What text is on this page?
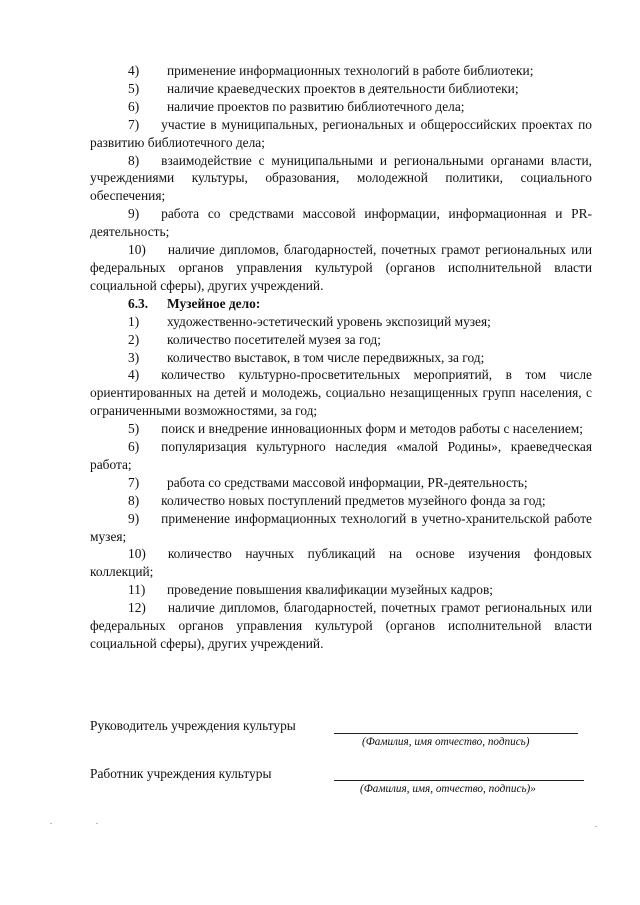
4)	применение информационных технологий в работе библиотеки;
5)	наличие краеведческих проектов в деятельности библиотеки;
6)	наличие проектов по развитию библиотечного дела;
7) участие в муниципальных, региональных и общероссийских проектах по развитию библиотечного дела;
8) взаимодействие с муниципальными и региональными органами власти, учреждениями культуры, образования, молодежной политики, социального обеспечения;
9) работа со средствами массовой информации, информационная и PR-деятельность;
10) наличие дипломов, благодарностей, почетных грамот региональных или федеральных органов управления культурой (органов исполнительной власти социальной сферы), других учреждений.
6.3.	Музейное дело:
1)	художественно-эстетический уровень экспозиций музея;
2)	количество посетителей музея за год;
3)	количество выставок, в том числе передвижных, за год;
4) количество культурно-просветительных мероприятий, в том числе ориентированных на детей и молодежь, социально незащищенных групп населения, с ограниченными возможностями, за год;
5) поиск и внедрение инновационных форм и методов работы с населением;
6) популяризация культурного наследия «малой Родины», краеведческая работа;
7)	работа со средствами массовой информации, PR-деятельность;
8) количество новых поступлений предметов музейного фонда за год;
9) применение информационных технологий в учетно-хранительской работе музея;
10) количество научных публикаций на основе изучения фондовых коллекций;
11)	проведение повышения квалификации музейных кадров;
12) наличие дипломов, благодарностей, почетных грамот региональных или федеральных органов управления культурой (органов исполнительной власти социальной сферы), других учреждений.
Руководитель учреждения культуры
(Фамилия, имя отчество, подпись)
Работник учреждения культуры
(Фамилия, имя, отчество, подпись)»
